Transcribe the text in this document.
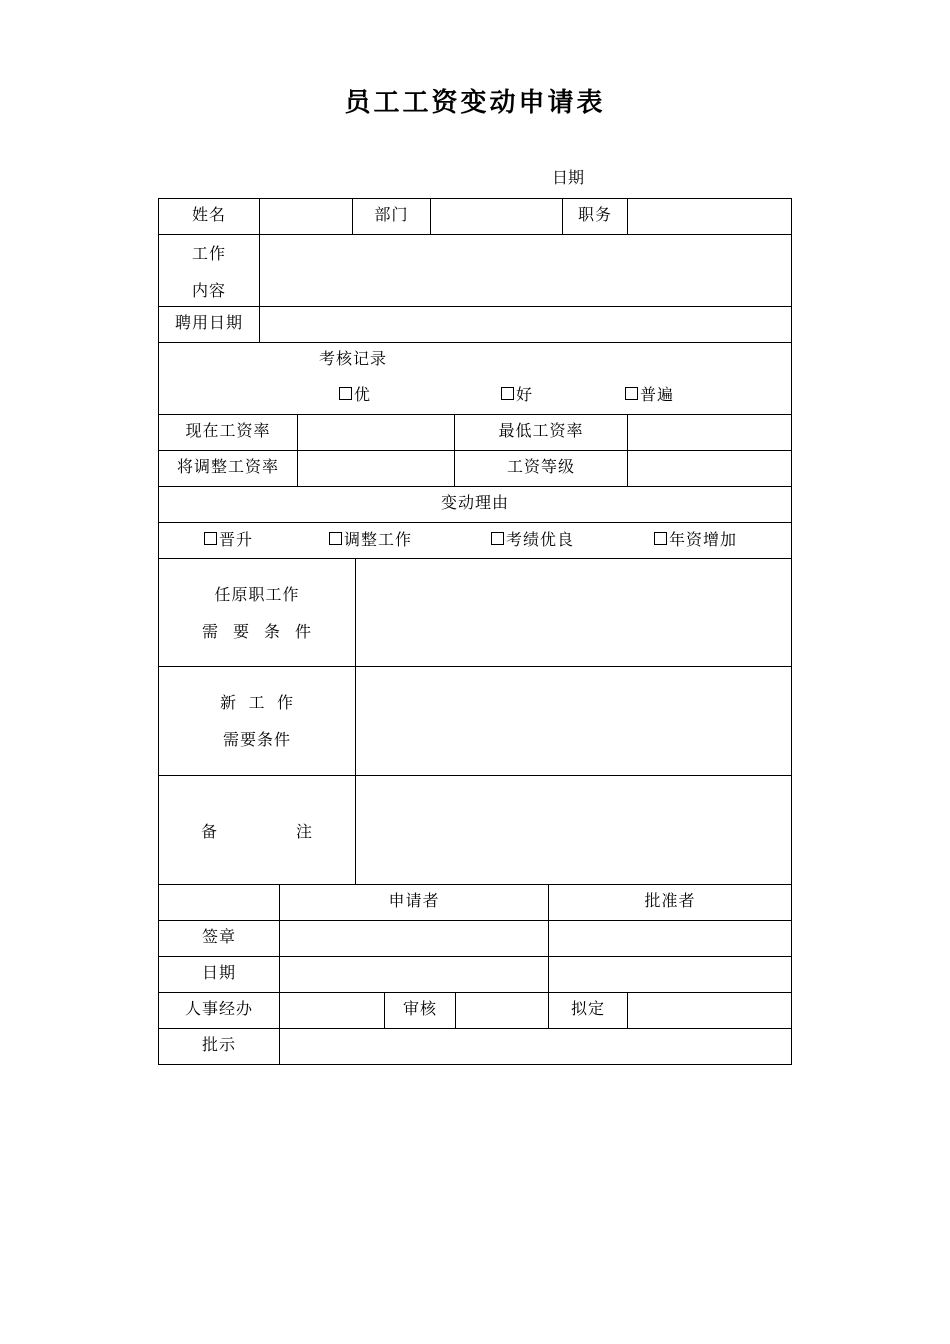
员工工资变动申请表
日期
姓名	部门	职务
工作
内容
聘用日期
考核记录
优	好	普遍
现在工资率	最低工资率
将调整工资率	工资等级
变动理由
晋升	调整工作	考绩优良	年资增加
任原职工作
需 要 条 件
新 工 作
需要条件
备	注
申请者	批准者
签章
日期
人事经办	审核	拟定
批示
